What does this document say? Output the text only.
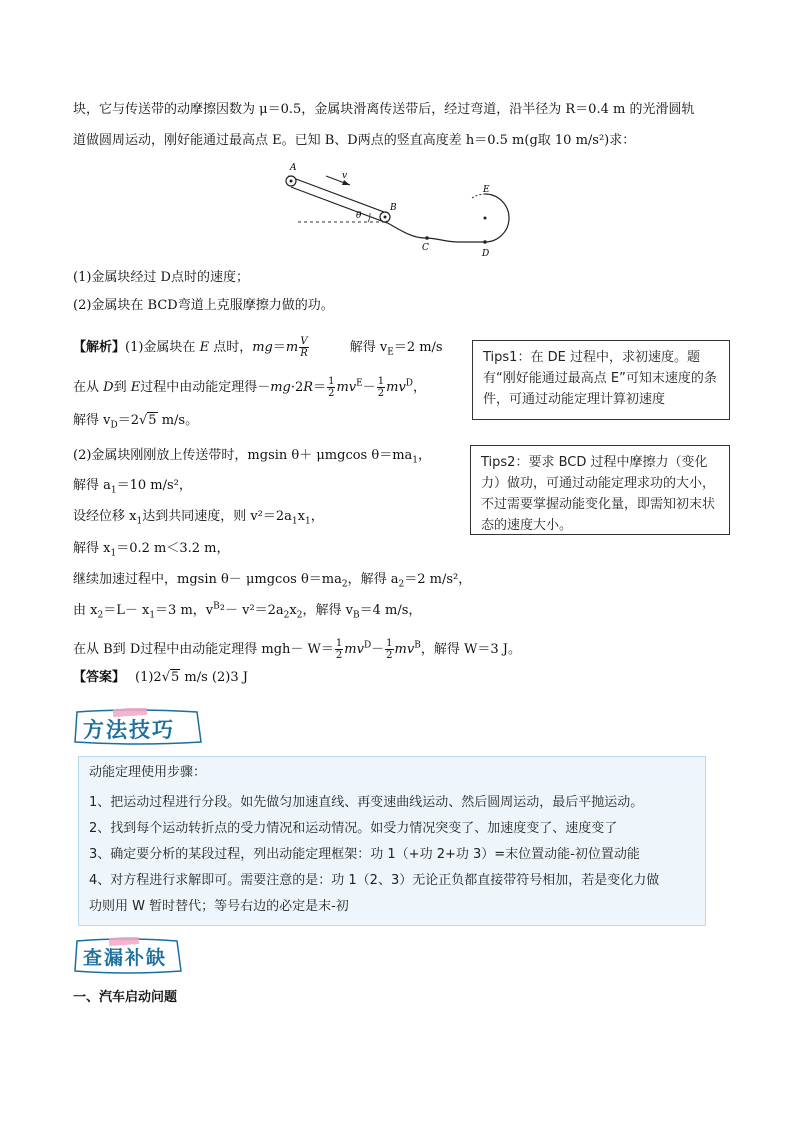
块，它与传送带的动摩擦因数为 μ＝0.5，金属块滑离传送带后，经过弯道，沿半径为 R＝0.4 m 的光滑圆轨
道做圆周运动，刚好能通过最高点 E。已知 B、D两点的竖直高度差 h＝0.5 m(g取 10 m/s²)求：
A
v
B
θ
C
D
E
(1)金属块经过 D点时的速度；
(2)金属块在 BCD弯道上克服摩擦力做的功。
【解析】(1)金属块在 E 点时，$mg=m \frac{V}{R}$	解得 $v_E=2$ m/s
在从 D到 E过程中由动能定理得$-mg\cdot 2R= \frac{1}{2} mv^E- \frac{1}{2} mv^D$，
解得 $v_D=2√5$ m/s。
(2)金属块刚刚放上传送带时，mgsin θ＋ μmgcos $\theta=ma_1$，
解得 $a_1=10$ m/s²，
设经位移 $x_1$达到共同速度，则 $v^2=2a_1x_1$，
解得 $x_1=0.2$ m＜3.2 m，
继续加速过程中，mgsin θ－ μmgcos $\theta=ma_2$，解得 $a_2=2$ m/s²，
由 $x_2=L- x_1=3$ m，$v^B^2- v^2=2a_2x_2$，解得 $v_B=4$ m/s，
在从 B到 D过程中由动能定理得 $mgh- W= \frac{1}{2} mv^D- \frac{1}{2} mv^B$，解得 W＝3 J。
【答案】 (1)2√5 m/s (2)3 J
Tips1：在 DE 过程中，求初速度。题有“刚好能通过最高点 E”可知末速度的条件，可通过动能定理计算初速度
Tips2：要求 BCD 过程中摩擦力（变化力）做功，可通过动能定理求功的大小，不过需要掌握动能变化量，即需知初末状态的速度大小。
方法技巧
动能定理使用步骤：
1、把运动过程进行分段。如先做匀加速直线、再变速曲线运动、然后圆周运动，最后平抛运动。
2、找到每个运动转折点的受力情况和运动情况。如受力情况突变了、加速度变了、速度变了
3、确定要分析的某段过程，列出动能定理框架：功 1（+功 2+功 3）=末位置动能-初位置动能
4、对方程进行求解即可。需要注意的是：功 1（2、3）无论正负都直接带符号相加，若是变化力做
功则用 W 暂时替代；等号右边的必定是末-初
查漏补缺
一、汽车启动问题
